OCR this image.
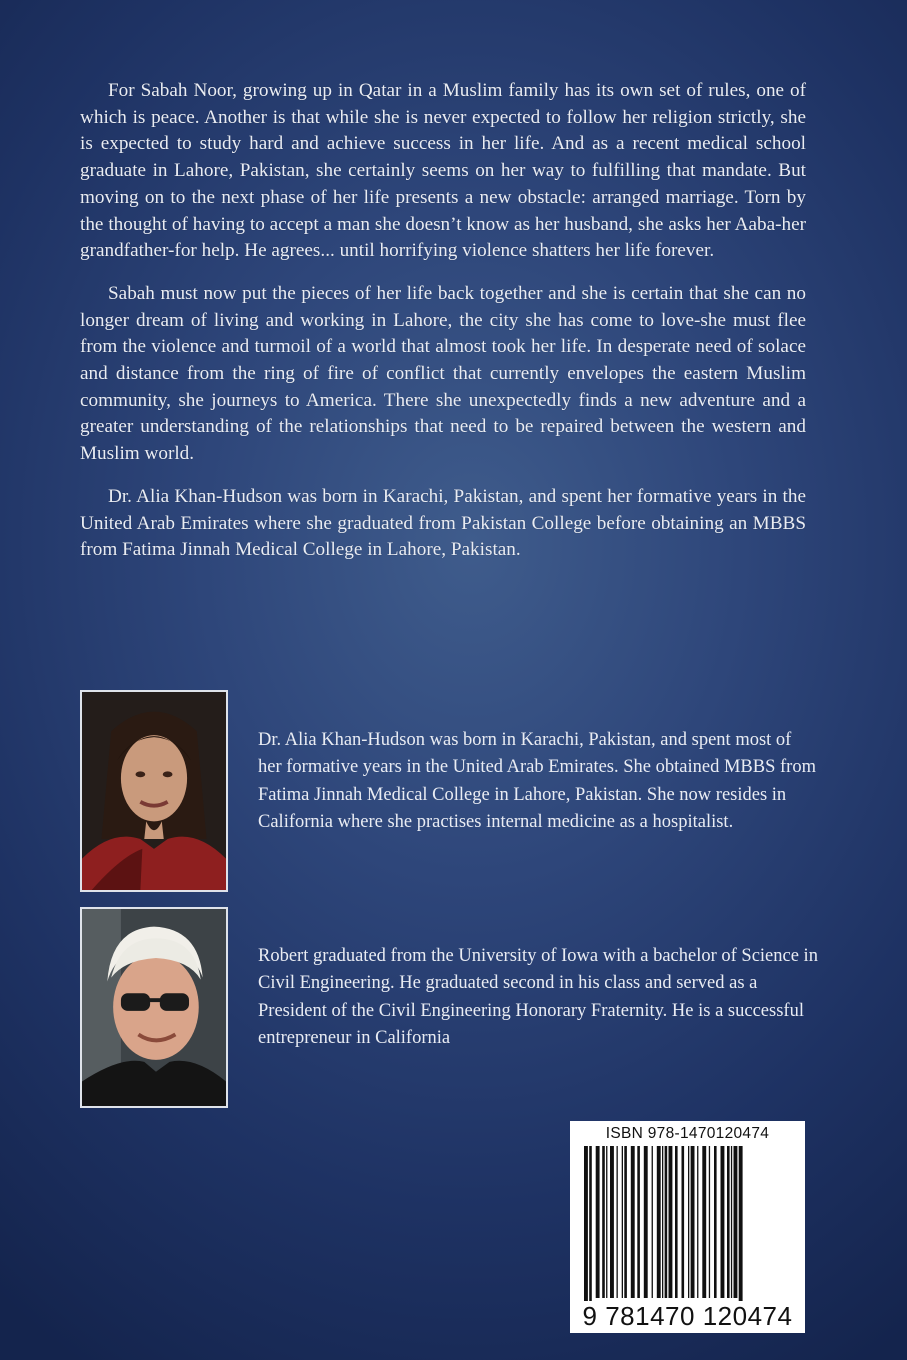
For Sabah Noor, growing up in Qatar in a Muslim family has its own set of rules, one of which is peace. Another is that while she is never expected to follow her religion strictly, she is expected to study hard and achieve success in her life. And as a recent medical school graduate in Lahore, Pakistan, she certainly seems on her way to fulfilling that mandate. But moving on to the next phase of her life presents a new obstacle: arranged marriage. Torn by the thought of having to accept a man she doesn’t know as her husband, she asks her Aaba-her grandfather-for help. He agrees... until horrifying violence shatters her life forever.

Sabah must now put the pieces of her life back together and she is certain that she can no longer dream of living and working in Lahore, the city she has come to love-she must flee from the violence and turmoil of a world that almost took her life. In desperate need of solace and distance from the ring of fire of conflict that currently envelopes the eastern Muslim community, she journeys to America. There she unexpectedly finds a new adventure and a greater understanding of the relationships that need to be repaired between the western and Muslim world.

Dr. Alia Khan-Hudson was born in Karachi, Pakistan, and spent her formative years in the United Arab Emirates where she graduated from Pakistan College before obtaining an MBBS from Fatima Jinnah Medical College in Lahore, Pakistan.

Dr. Alia Khan-Hudson was born in Karachi, Pakistan, and spent most of her formative years in the United Arab Emirates. She obtained MBBS from Fatima Jinnah Medical College in Lahore, Pakistan. She now resides in California where she practises internal medicine as a hospitalist.

Robert graduated from the University of Iowa with a bachelor of Science in Civil Engineering. He graduated second in his class and served as a President of the Civil Engineering Honorary Fraternity. He is a successful entrepreneur in California

ISBN 978-1470120474
9 781470 120474
